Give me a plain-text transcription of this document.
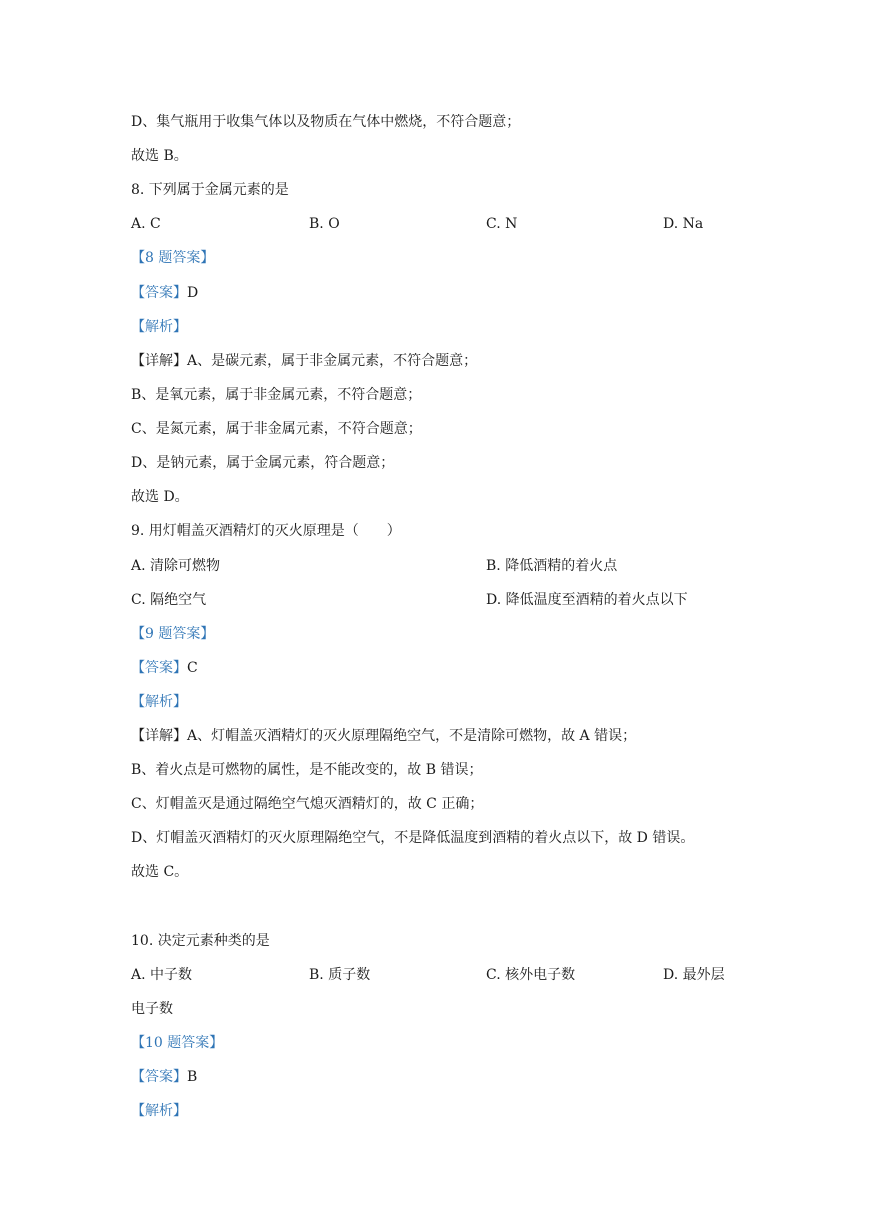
D、集气瓶用于收集气体以及物质在气体中燃烧，不符合题意；
故选 B。
8. 下列属于金属元素的是
A. C	B. O	C. N	D. Na
【8 题答案】
【答案】D
【解析】
【详解】A、是碳元素，属于非金属元素，不符合题意；
B、是氧元素，属于非金属元素，不符合题意；
C、是氮元素，属于非金属元素，不符合题意；
D、是钠元素，属于金属元素，符合题意；
故选 D。
9. 用灯帽盖灭酒精灯的灭火原理是（　　）
A. 清除可燃物	B. 降低酒精的着火点
C. 隔绝空气	D. 降低温度至酒精的着火点以下
【9 题答案】
【答案】C
【解析】
【详解】A、灯帽盖灭酒精灯的灭火原理隔绝空气，不是清除可燃物，故 A 错误；
B、着火点是可燃物的属性，是不能改变的，故 B 错误；
C、灯帽盖灭是通过隔绝空气熄灭酒精灯的，故 C 正确；
D、灯帽盖灭酒精灯的灭火原理隔绝空气，不是降低温度到酒精的着火点以下，故 D 错误。
故选 C。
10. 决定元素种类的是
A. 中子数	B. 质子数	C. 核外电子数	D. 最外层
电子数
【10 题答案】
【答案】B
【解析】
